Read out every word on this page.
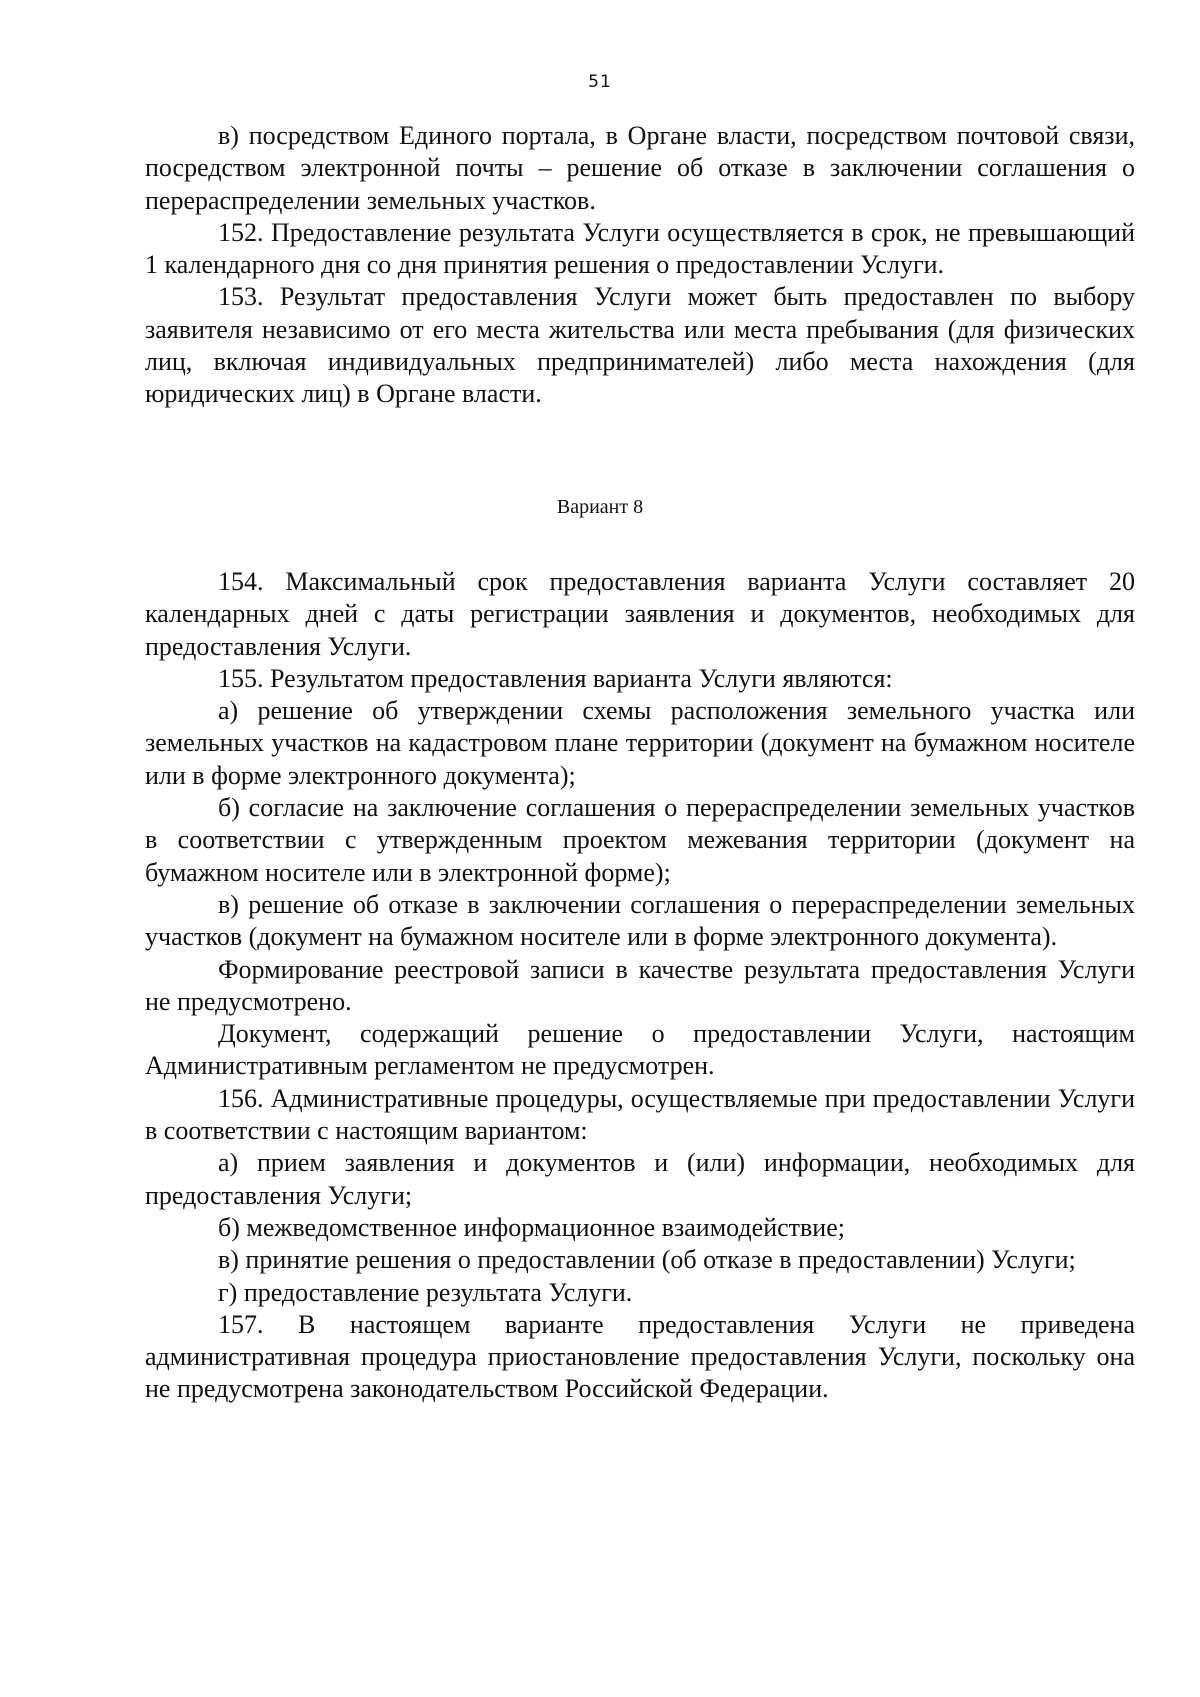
51

в) посредством Единого портала, в Органе власти, посредством почтовой связи, посредством электронной почты – решение об отказе в заключении соглашения о перераспределении земельных участков.

152. Предоставление результата Услуги осуществляется в срок, не превышающий 1 календарного дня со дня принятия решения о предоставлении Услуги.

153. Результат предоставления Услуги может быть предоставлен по выбору заявителя независимо от его места жительства или места пребывания (для физических лиц, включая индивидуальных предпринимателей) либо места нахождения (для юридических лиц) в Органе власти.

Вариант 8

154. Максимальный срок предоставления варианта Услуги составляет 20 календарных дней с даты регистрации заявления и документов, необходимых для предоставления Услуги.

155. Результатом предоставления варианта Услуги являются:

а) решение об утверждении схемы расположения земельного участка или земельных участков на кадастровом плане территории (документ на бумажном носителе или в форме электронного документа);

б) согласие на заключение соглашения о перераспределении земельных участков в соответствии с утвержденным проектом межевания территории (документ на бумажном носителе или в электронной форме);

в) решение об отказе в заключении соглашения о перераспределении земельных участков (документ на бумажном носителе или в форме электронного документа).

Формирование реестровой записи в качестве результата предоставления Услуги не предусмотрено.

Документ, содержащий решение о предоставлении Услуги, настоящим Административным регламентом не предусмотрен.

156. Административные процедуры, осуществляемые при предоставлении Услуги в соответствии с настоящим вариантом:

а) прием заявления и документов и (или) информации, необходимых для предоставления Услуги;

б) межведомственное информационное взаимодействие;

в) принятие решения о предоставлении (об отказе в предоставлении) Услуги;

г) предоставление результата Услуги.

157. В настоящем варианте предоставления Услуги не приведена административная процедура приостановление предоставления Услуги, поскольку она не предусмотрена законодательством Российской Федерации.
